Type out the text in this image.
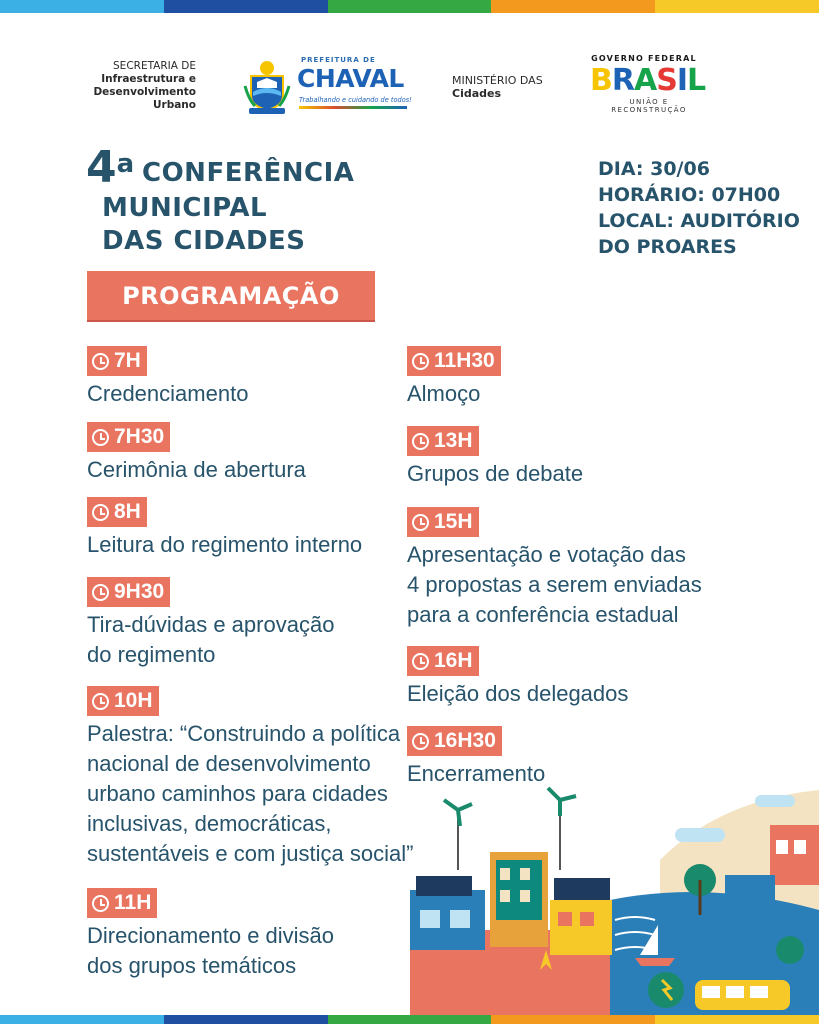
SECRETARIA DE
Infraestrutura e
Desenvolvimento
Urbano
PREFEITURA DE
CHAVAL
Trabalhando e cuidando de todos!
MINISTÉRIO DAS
Cidades
GOVERNO FEDERAL
B R A S I L
UNIÃO E RECONSTRUÇÃO
4$^a$ CONFERÊNCIA
MUNICIPAL
DAS CIDADES
DIA: 30/06
HORÁRIO: 07H00
LOCAL: AUDITÓRIO
DO PROARES
PROGRAMAÇÃO
7H
Credenciamento
7H30
Cerimônia de abertura
8H
Leitura do regimento interno
9H30
Tira-dúvidas e aprovação
do regimento
10H
Palestra: “Construindo a política
nacional de desenvolvimento
urbano caminhos para cidades
inclusivas, democráticas,
sustentáveis e com justiça social”
11H
Direcionamento e divisão
dos grupos temáticos
11H30
Almoço
13H
Grupos de debate
15H
Apresentação e votação das
4 propostas a serem enviadas
para a conferência estadual
16H
Eleição dos delegados
16H30
Encerramento
